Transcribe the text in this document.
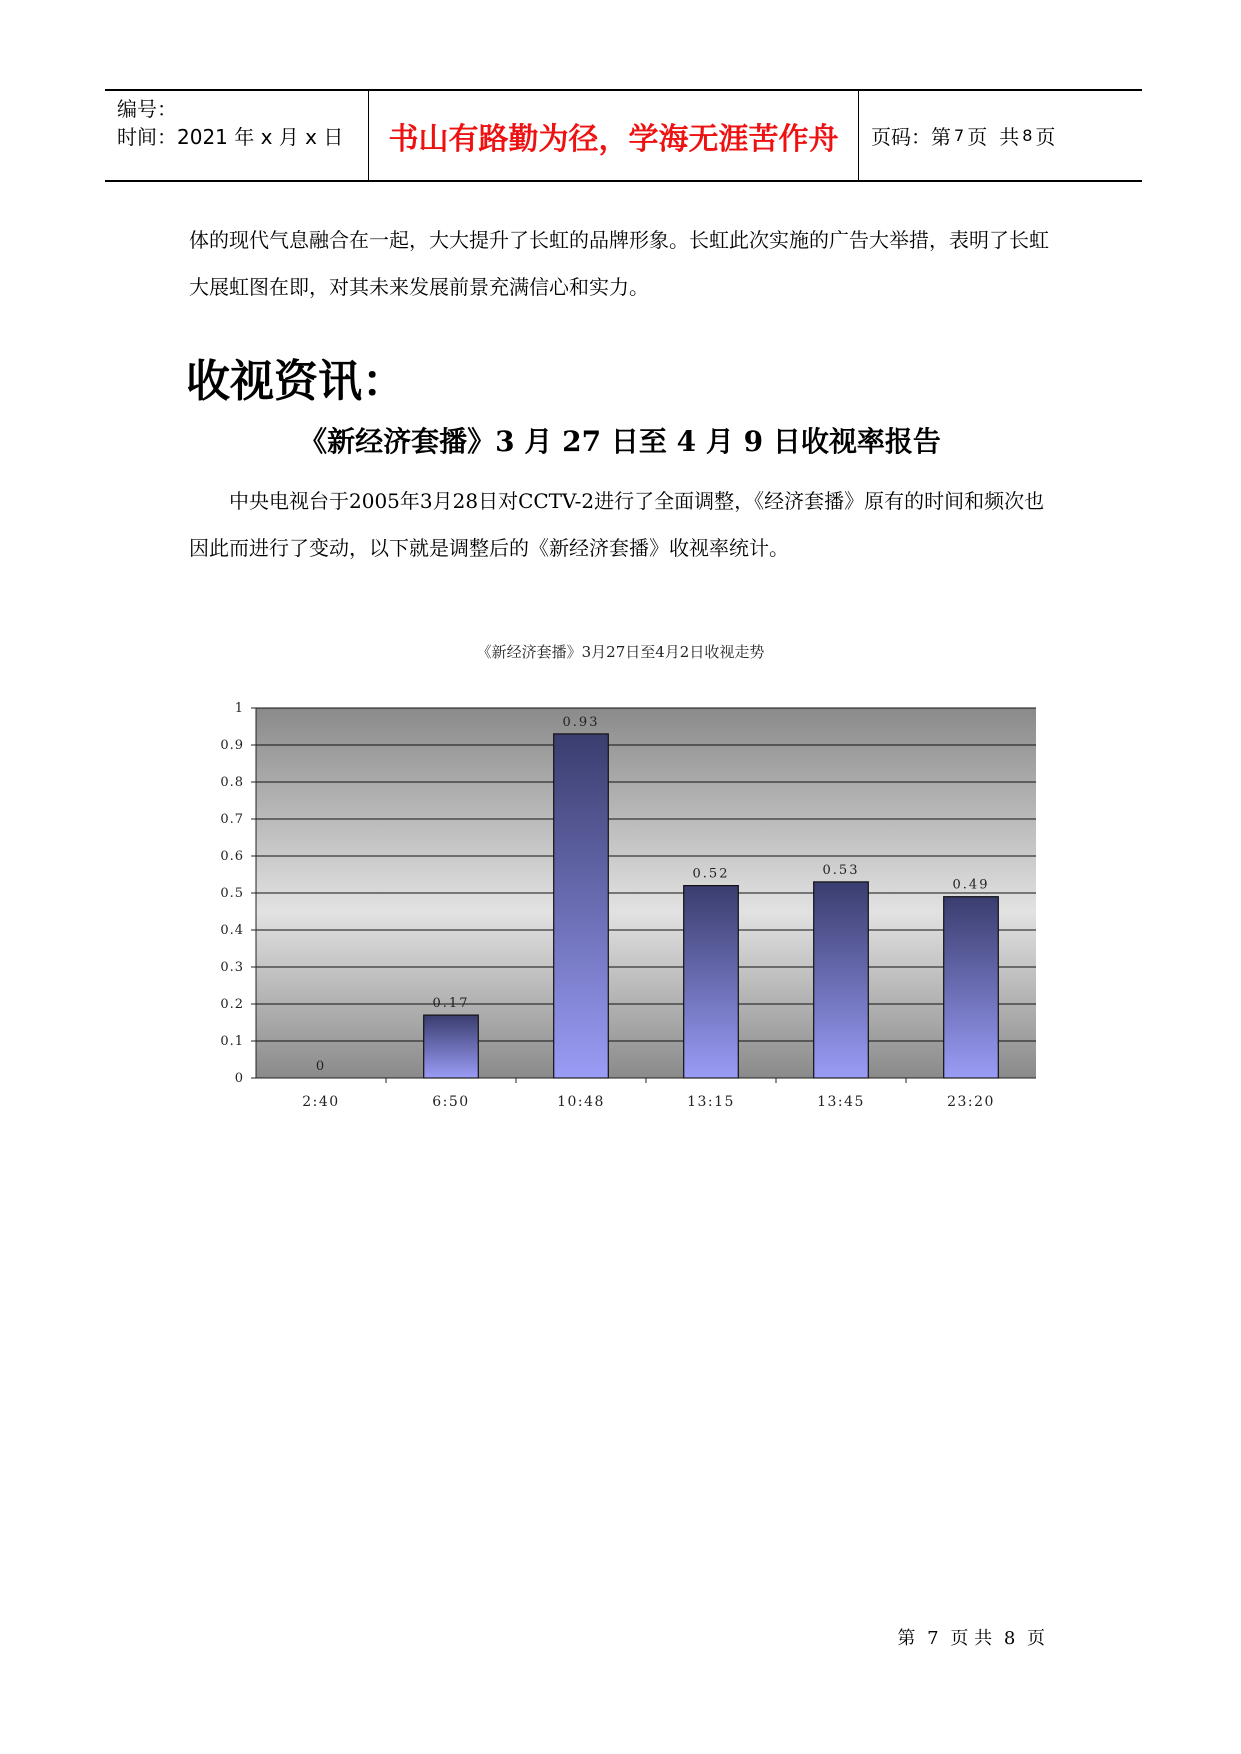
编号：
时间：2021 年 x 月 x 日	书山有路勤为径，学海无涯苦作舟	页码：第 7 页 共 8 页

体的现代气息融合在一起，大大提升了长虹的品牌形象。长虹此次实施的广告大举措，表明了长虹大展虹图在即，对其未来发展前景充满信心和实力。

收视资讯：
《新经济套播》3 月 27 日至 4 月 9 日收视率报告

中央电视台于2005年3月28日对CCTV-2进行了全面调整，《经济套播》原有的时间和频次也因此而进行了变动，以下就是调整后的《新经济套播》收视率统计。

《新经济套播》3月27日至4月2日收视走势
0
0.17
0.93
0.52	0.53
0.49
0
0.1
0.2
0.3
0.4
0.5
0.6
0.7
0.8
0.9
1
2:40	6:50	10:48	13:15	13:45	23:20
第 7 页 共 8 页
